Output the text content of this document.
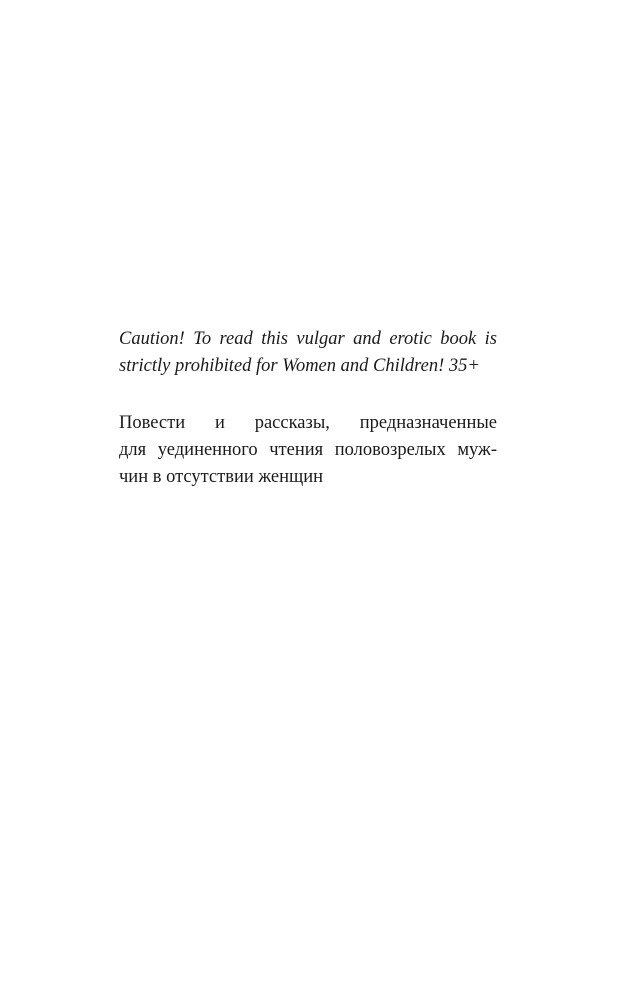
Caution! To read this vulgar and erotic book is
strictly prohibited for Women and Children! 35+
Повести и рассказы, предназначенные
для уединенного чтения половозрелых муж-
чин в отсутствии женщин
